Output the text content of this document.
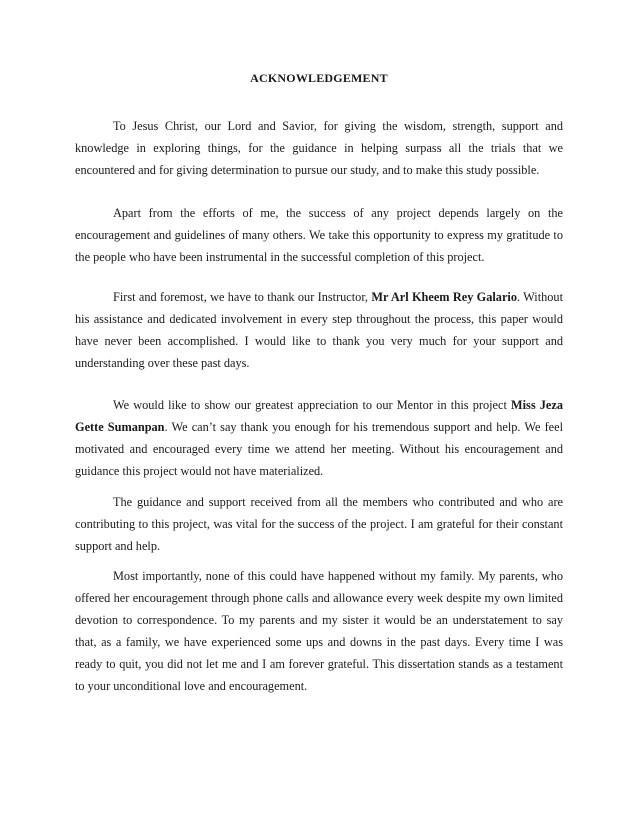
ACKNOWLEDGEMENT

To Jesus Christ, our Lord and Savior, for giving the wisdom, strength, support and knowledge in exploring things, for the guidance in helping surpass all the trials that we encountered and for giving determination to pursue our study, and to make this study possible.

Apart from the efforts of me, the success of any project depends largely on the encouragement and guidelines of many others. We take this opportunity to express my gratitude to the people who have been instrumental in the successful completion of this project.

First and foremost, we have to thank our Instructor, Mr Arl Kheem Rey Galario. Without his assistance and dedicated involvement in every step throughout the process, this paper would have never been accomplished. I would like to thank you very much for your support and understanding over these past days.

We would like to show our greatest appreciation to our Mentor in this project Miss Jeza Gette Sumanpan. We can’t say thank you enough for his tremendous support and help. We feel motivated and encouraged every time we attend her meeting. Without his encouragement and guidance this project would not have materialized.

The guidance and support received from all the members who contributed and who are contributing to this project, was vital for the success of the project. I am grateful for their constant support and help.

Most importantly, none of this could have happened without my family. My parents, who offered her encouragement through phone calls and allowance every week despite my own limited devotion to correspondence. To my parents and my sister it would be an understatement to say that, as a family, we have experienced some ups and downs in the past days. Every time I was ready to quit, you did not let me and I am forever grateful. This dissertation stands as a testament to your unconditional love and encouragement.
